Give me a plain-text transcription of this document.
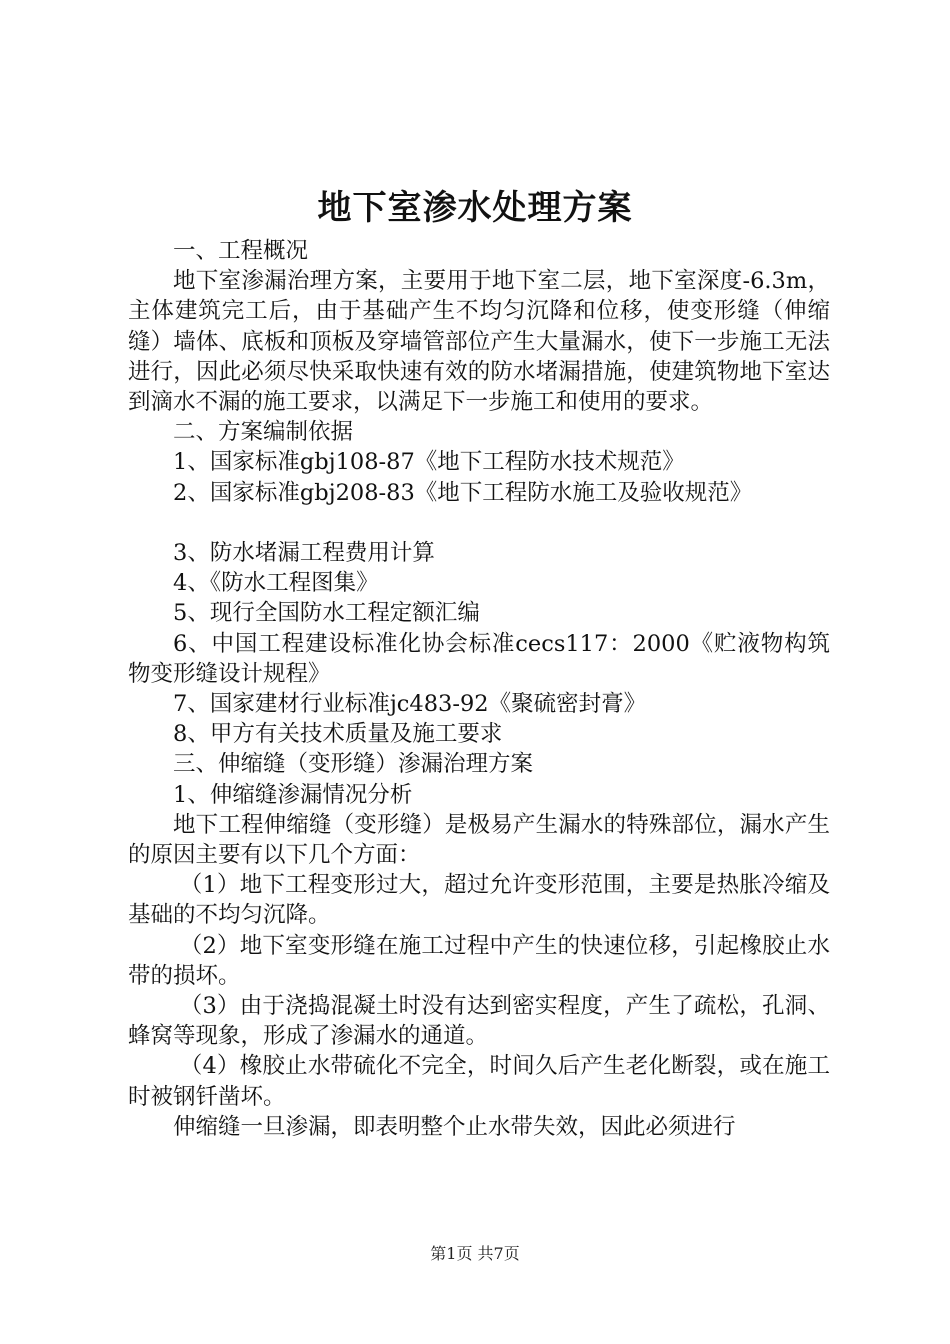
地下室渗水处理方案

一、工程概况

地下室渗漏治理方案，主要用于地下室二层，地下室深度-6.3m，主体建筑完工后，由于基础产生不均匀沉降和位移，使变形缝（伸缩缝）墙体、底板和顶板及穿墙管部位产生大量漏水，使下一步施工无法进行，因此必须尽快采取快速有效的防水堵漏措施，使建筑物地下室达到滴水不漏的施工要求，以满足下一步施工和使用的要求。

二、方案编制依据

1、国家标准gbj108-87《地下工程防水技术规范》

2、国家标准gbj208-83《地下工程防水施工及验收规范》

3、防水堵漏工程费用计算

4、《防水工程图集》

5、现行全国防水工程定额汇编

6、中国工程建设标准化协会标准cecs117：2000《贮液物构筑物变形缝设计规程》

7、国家建材行业标准jc483-92《聚硫密封膏》

8、甲方有关技术质量及施工要求

三、伸缩缝（变形缝）渗漏治理方案

1、伸缩缝渗漏情况分析

地下工程伸缩缝（变形缝）是极易产生漏水的特殊部位，漏水产生的原因主要有以下几个方面：

（1）地下工程变形过大，超过允许变形范围，主要是热胀冷缩及基础的不均匀沉降。

（2）地下室变形缝在施工过程中产生的快速位移，引起橡胶止水带的损坏。

（3）由于浇捣混凝土时没有达到密实程度，产生了疏松，孔洞、蜂窝等现象，形成了渗漏水的通道。

（4）橡胶止水带硫化不完全，时间久后产生老化断裂，或在施工时被钢钎凿坏。

伸缩缝一旦渗漏，即表明整个止水带失效，因此必须进行

第1页 共7页
